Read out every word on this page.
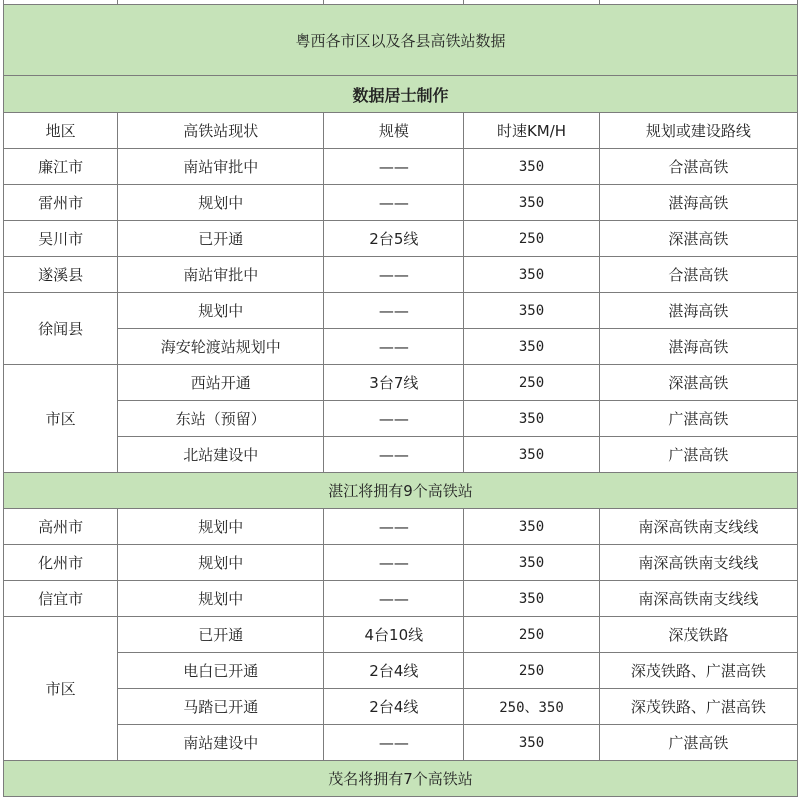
粤西各市区以及各县高铁站数据				
数据居士制作				
地区	高铁站现状	规模	时速KM/H	规划或建设路线
廉江市	南站审批中	——	350	合湛高铁
雷州市	规划中	——	350	湛海高铁
吴川市	已开通	2台5线	250	深湛高铁
遂溪县	南站审批中	——	350	合湛高铁
徐闻县	规划中	——	350	湛海高铁
	海安轮渡站规划中	——	350	湛海高铁
市区	西站开通	3台7线	250	深湛高铁
	东站（预留）	——	350	广湛高铁
	北站建设中	——	350	广湛高铁
湛江将拥有9个高铁站				
高州市	规划中	——	350	南深高铁南支线线
化州市	规划中	——	350	南深高铁南支线线
信宜市	规划中	——	350	南深高铁南支线线
市区	已开通	4台10线	250	深茂铁路
	电白已开通	2台4线	250	深茂铁路、广湛高铁
	马踏已开通	2台4线	250、350	深茂铁路、广湛高铁
	南站建设中	——	350	广湛高铁
茂名将拥有7个高铁站				
